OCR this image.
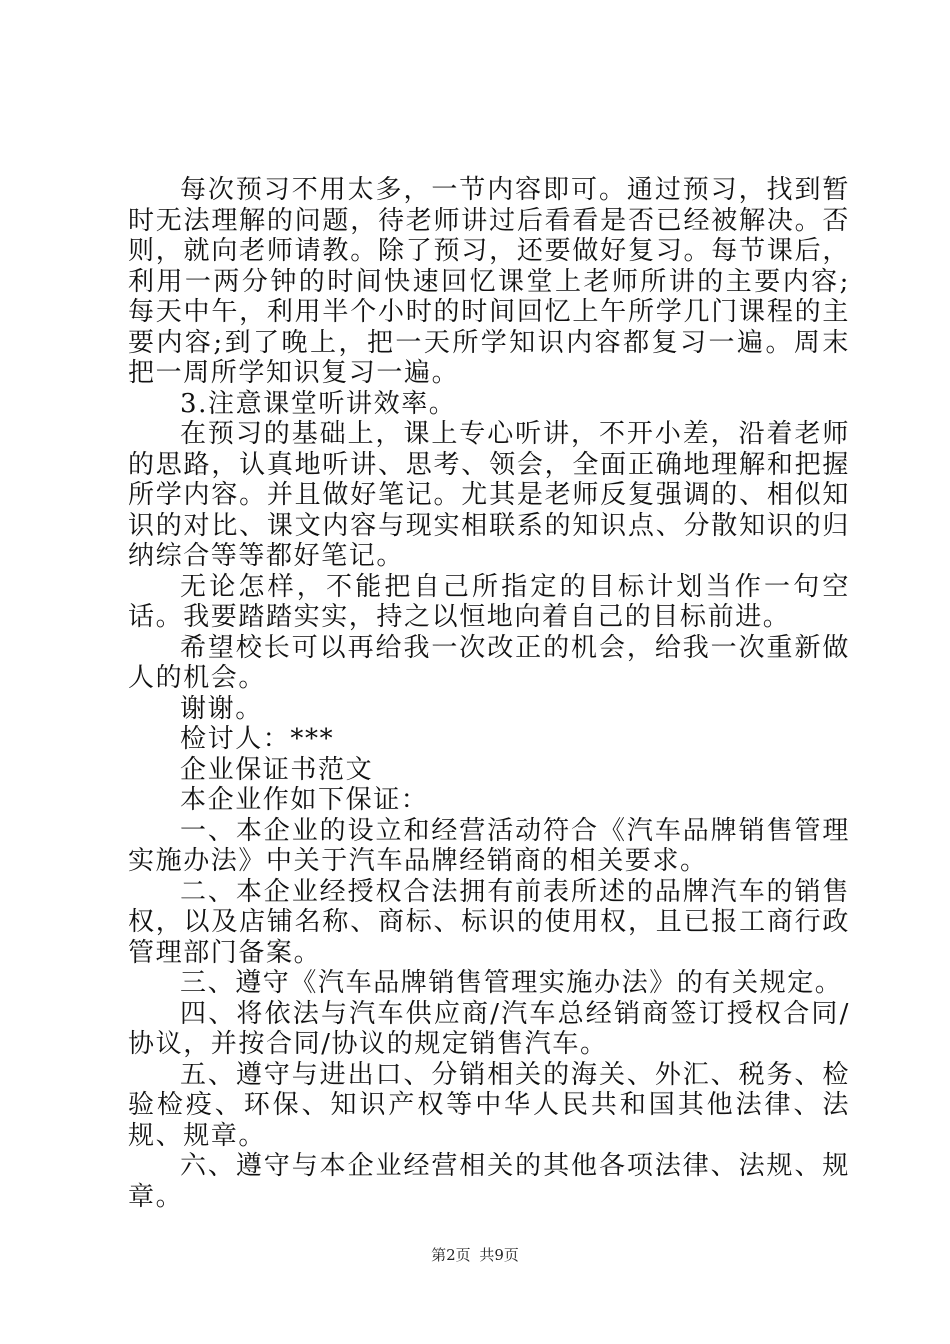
每次预习不用太多，一节内容即可。通过预习，找到暂时无法理解的问题，待老师讲过后看看是否已经被解决。否则，就向老师请教。除了预习，还要做好复习。每节课后，利用一两分钟的时间快速回忆课堂上老师所讲的主要内容;每天中午，利用半个小时的时间回忆上午所学几门课程的主要内容;到了晚上，把一天所学知识内容都复习一遍。周末把一周所学知识复习一遍。

3.注意课堂听讲效率。

在预习的基础上，课上专心听讲，不开小差，沿着老师的思路，认真地听讲、思考、领会，全面正确地理解和把握所学内容。并且做好笔记。尤其是老师反复强调的、相似知识的对比、课文内容与现实相联系的知识点、分散知识的归纳综合等等都好笔记。

无论怎样，不能把自己所指定的目标计划当作一句空话。我要踏踏实实，持之以恒地向着自己的目标前进。

希望校长可以再给我一次改正的机会，给我一次重新做人的机会。

谢谢。

检讨人：***

企业保证书范文

本企业作如下保证：

一、本企业的设立和经营活动符合《汽车品牌销售管理实施办法》中关于汽车品牌经销商的相关要求。

二、本企业经授权合法拥有前表所述的品牌汽车的销售权，以及店铺名称、商标、标识的使用权，且已报工商行政管理部门备案。

三、遵守《汽车品牌销售管理实施办法》的有关规定。

四、将依法与汽车供应商/汽车总经销商签订授权合同/协议，并按合同/协议的规定销售汽车。

五、遵守与进出口、分销相关的海关、外汇、税务、检验检疫、环保、知识产权等中华人民共和国其他法律、法规、规章。

六、遵守与本企业经营相关的其他各项法律、法规、规章。

第2页 共9页
